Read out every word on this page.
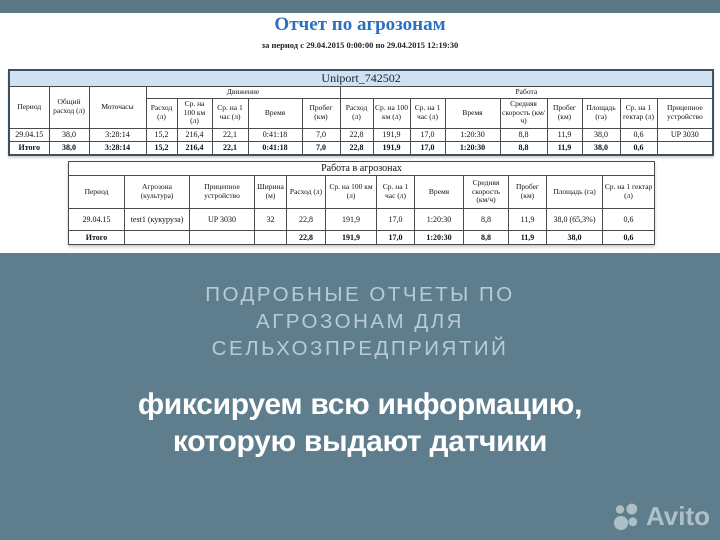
Отчет по агрозонам
за период с 29.04.2015 0:00:00 по 29.04.2015 12:19:30
Uniport_742502																
Период	Общий расход (л)	Моточасы	Движение					Работа								
			Расход (л)	Ср. на 100 км (л)	Ср. на 1 час (л)	Время	Пробег (км)	Расход (л)	Ср. на 100 км (л)	Ср. на 1 час (л)	Время	Средняя скорость (км/ч)	Пробег (км)	Площадь (га)	Ср. на 1 гектар (л)	Прицепное устройство
29.04.15	38,0	3:28:14	15,2	216,4	22,1	0:41:18	7,0	22,8	191,9	17,0	1:20:30	8,8	11,9	38,0	0,6	UP 3030
Итого	38,0	3:28:14	15,2	216,4	22,1	0:41:18	7,0	22,8	191,9	17,0	1:20:30	8,8	11,9	38,0	0,6	
Работа в агрозонах											
Период	Агрозона (культура)	Прицепное устройство	Ширина (м)	Расход (л)	Ср. на 100 км (л)	Ср. на 1 час (л)	Время	Средняя скорость (км/ч)	Пробег (км)	Площадь (га)	Ср. на 1 гектар (л)
29.04.15	test1 (кукуруза)	UP 3030	32	22,8	191,9	17,0	1:20:30	8,8	11,9	38,0 (65,3%)	0,6
Итого				22,8	191,9	17,0	1:20:30	8,8	11,9	38,0	0,6
ПОДРОБНЫЕ ОТЧЕТЫ ПО
АГРОЗОНАМ ДЛЯ
СЕЛЬХОЗПРЕДПРИЯТИЙ
фиксируем всю информацию,
которую выдают датчики
Avito
